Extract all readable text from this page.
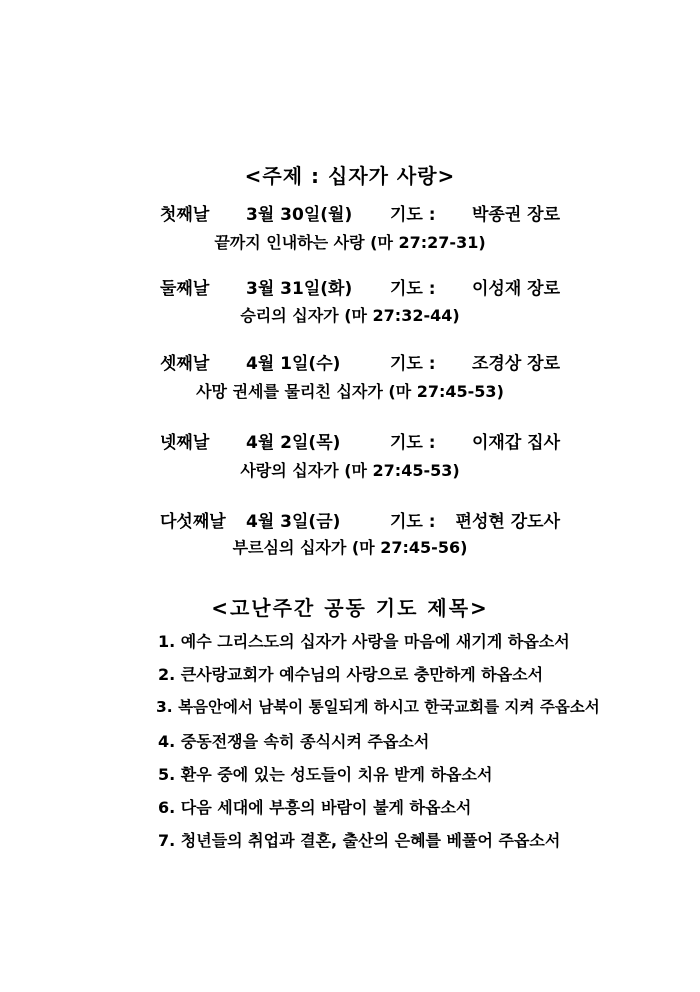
<주제 : 십자가 사랑>
첫째날 3월 30일(월) 기도 : 박종권 장로
끝까지 인내하는 사랑 (마 27:27-31)
둘째날 3월 31일(화) 기도 : 이성재 장로
승리의 십자가 (마 27:32-44)
셋째날 4월 1일(수)	기도 : 조경상 장로
사망 권세를 물리친 십자가 (마 27:45-53)
넷째날 4월 2일(목)	기도 : 이재갑 집사
사랑의 십자가 (마 27:45-53)
다섯째날 4월 3일(금)	기도 : 편성현 강도사
부르심의 십자가 (마 27:45-56)
<고난주간 공동 기도 제목>
1. 예수 그리스도의 십자가 사랑을 마음에 새기게 하옵소서
2. 큰사랑교회가 예수님의 사랑으로 충만하게 하옵소서
3. 복음안에서 남북이 통일되게 하시고 한국교회를 지켜 주옵소서
4. 중동전쟁을 속히 종식시켜 주옵소서
5. 환우 중에 있는 성도들이 치유 받게 하옵소서
6. 다음 세대에 부흥의 바람이 불게 하옵소서
7. 청년들의 취업과 결혼, 출산의 은혜를 베풀어 주옵소서
